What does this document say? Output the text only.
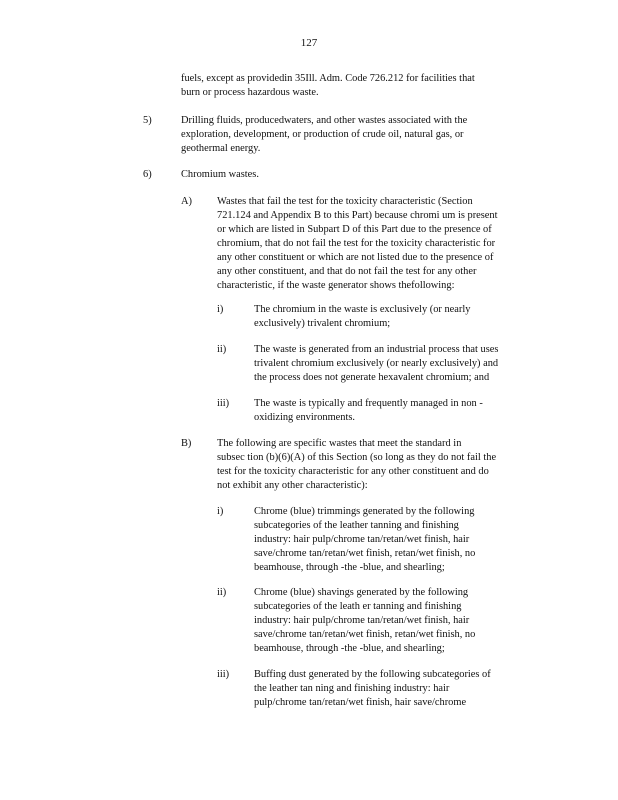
127
fuels, except as providedin 35Ill. Adm. Code 726.212 for facilities that
burn or process hazardous waste.
5)	Drilling fluids, producedwaters, and other wastes associated with the
exploration, development, or production of crude oil, natural gas, or
geothermal energy.
6)	Chromium wastes.
A) Wastes that fail the test for the toxicity characteristic (Section
721.124 and Appendix B to this Part) because chromi um is present
or which are listed in Subpart D of this Part due to the presence of
chromium, that do not fail the test for the toxicity characteristic for
any other constituent or which are not listed due to the presence of
any other constituent, and that do not fail the test for any other
characteristic, if the waste generator shows thefollowing:
i)	The chromium in the waste is exclusively (or nearly
exclusively) trivalent chromium;
ii)	The waste is generated from an industrial process that uses
trivalent chromium exclusively (or nearly exclusively) and
the process does not generate hexavalent chromium; and
iii) The waste is typically and frequently managed in non -
oxidizing environments.
B) The following are specific wastes that meet the standard in
subsec tion (b)(6)(A) of this Section (so long as they do not fail the
test for the toxicity characteristic for any other constituent and do
not exhibit any other characteristic):
i)	Chrome (blue) trimmings generated by the following
subcategories of the leather tanning and finishing
industry: hair pulp/chrome tan/retan/wet finish, hair
save/chrome tan/retan/wet finish, retan/wet finish, no
beamhouse, through -the -blue, and shearling;
ii)	Chrome (blue) shavings generated by the following
subcategories of the leath er tanning and finishing
industry: hair pulp/chrome tan/retan/wet finish, hair
save/chrome tan/retan/wet finish, retan/wet finish, no
beamhouse, through -the -blue, and shearling;
iii) Buffing dust generated by the following subcategories of
the leather tan ning and finishing industry: hair
pulp/chrome tan/retan/wet finish, hair save/chrome
